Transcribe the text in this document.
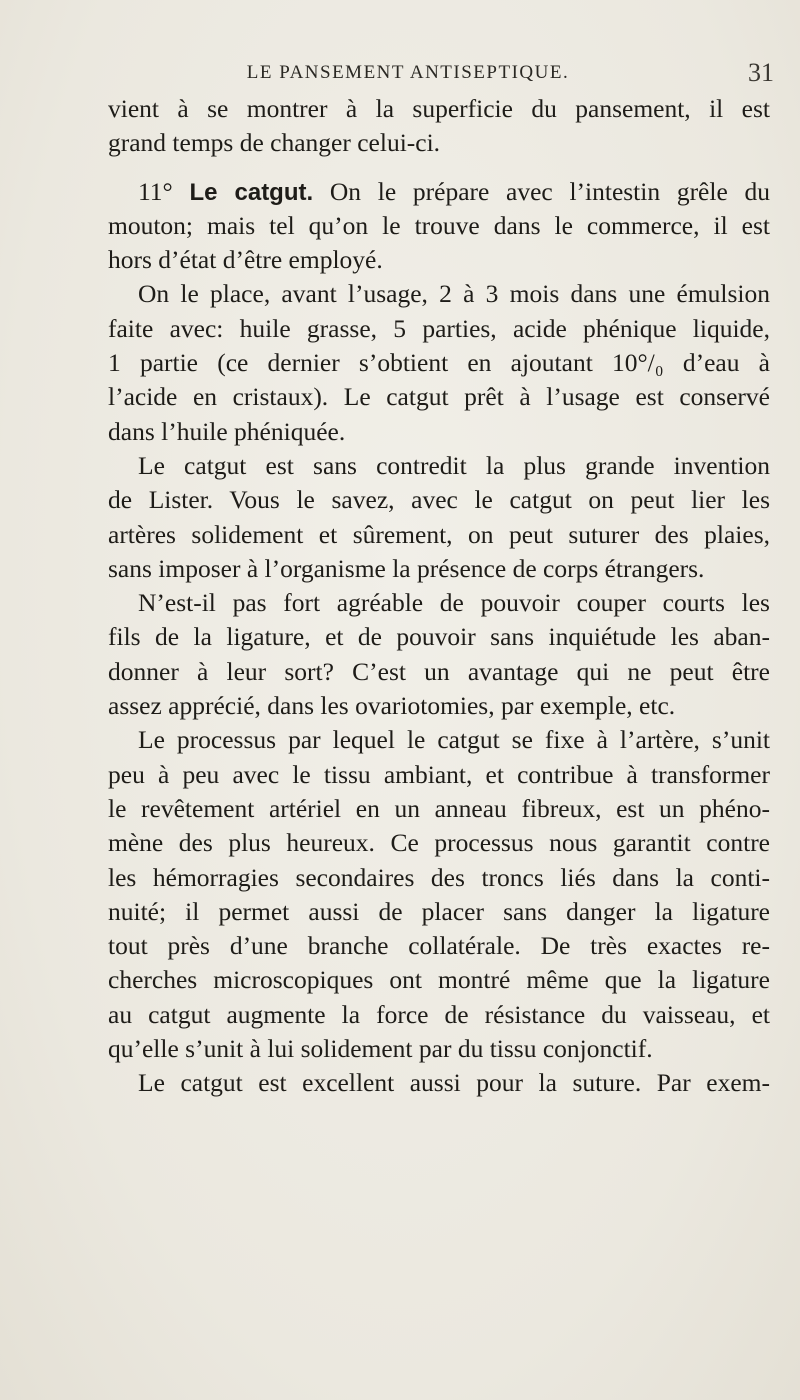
LE PANSEMENT ANTISEPTIQUE.	31
vient à se montrer à la superficie du pansement, il est
grand temps de changer celui-ci.
11° Le catgut. On le prépare avec l’intestin grêle du
mouton; mais tel qu’on le trouve dans le commerce, il est
hors d’état d’être employé.
On le place, avant l’usage, 2 à 3 mois dans une émulsion
faite avec: huile grasse, 5 parties, acide phénique liquide,
1 partie (ce dernier s’obtient en ajoutant 10°/₀ d’eau à
l’acide en cristaux). Le catgut prêt à l’usage est conservé
dans l’huile phéniquée.
Le catgut est sans contredit la plus grande invention
de Lister. Vous le savez, avec le catgut on peut lier les
artères solidement et sûrement, on peut suturer des plaies,
sans imposer à l’organisme la présence de corps étrangers.
N’est-il pas fort agréable de pouvoir couper courts les
fils de la ligature, et de pouvoir sans inquiétude les aban-
donner à leur sort? C’est un avantage qui ne peut être
assez apprécié, dans les ovariotomies, par exemple, etc.
Le processus par lequel le catgut se fixe à l’artère, s’unit
peu à peu avec le tissu ambiant, et contribue à transformer
le revêtement artériel en un anneau fibreux, est un phéno-
mène des plus heureux. Ce processus nous garantit contre
les hémorragies secondaires des troncs liés dans la conti-
nuité; il permet aussi de placer sans danger la ligature
tout près d’une branche collatérale. De très exactes re-
cherches microscopiques ont montré même que la ligature
au catgut augmente la force de résistance du vaisseau, et
qu’elle s’unit à lui solidement par du tissu conjonctif.
Le catgut est excellent aussi pour la suture. Par exem-
